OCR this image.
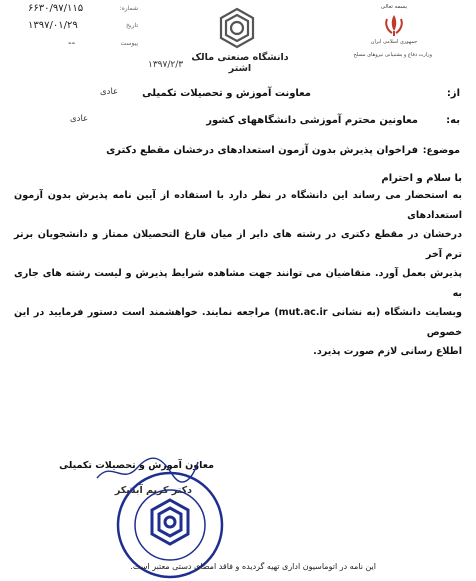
بسمه تعالی
جمهوری اسلامی ایران
وزارت دفاع و پشتیبانی نیروهای مسلح
دانشگاه صنعتی مالک اشتر
۱۳۹۷/۲/۳
شماره:
۶۶۳۰/۹۷/۱۱۵
تاریخ
۱۳۹۷/۰۱/۲۹
پیوست
--
از:
معاونت آموزش و تحصیلات تکمیلی
عادی
به:
معاونین محترم آموزشی دانشگاههای کشور
عادی
موضوع:
فراخوان پذیرش بدون آزمون استعدادهای درخشان مقطع دکتری
با سلام و احترام
به استحضار می رساند این دانشگاه در نظر دارد با استفاده از آیین نامه پذیرش بدون آزمون استعدادهای
درخشان در مقطع دکتری در رشته های دایر از میان فارغ التحصیلان ممتاز و دانشجویان برتر ترم آخر
پذیرش بعمل آورد. متقاضیان می توانند جهت مشاهده شرایط پذیرش و لیست رشته های جاری به
وبسایت دانشگاه (به نشانی mut.ac.ir) مراجعه نمایند. خواهشمند است دستور فرمایید در این خصوص
اطلاع رسانی لازم صورت پذیرد.
معاون آموزش و تحصیلات تکمیلی
دکتر کریم آبشکر
این نامه در اتوماسیون اداری تهیه گردیده و فاقد امضای دستی معتبر است.
